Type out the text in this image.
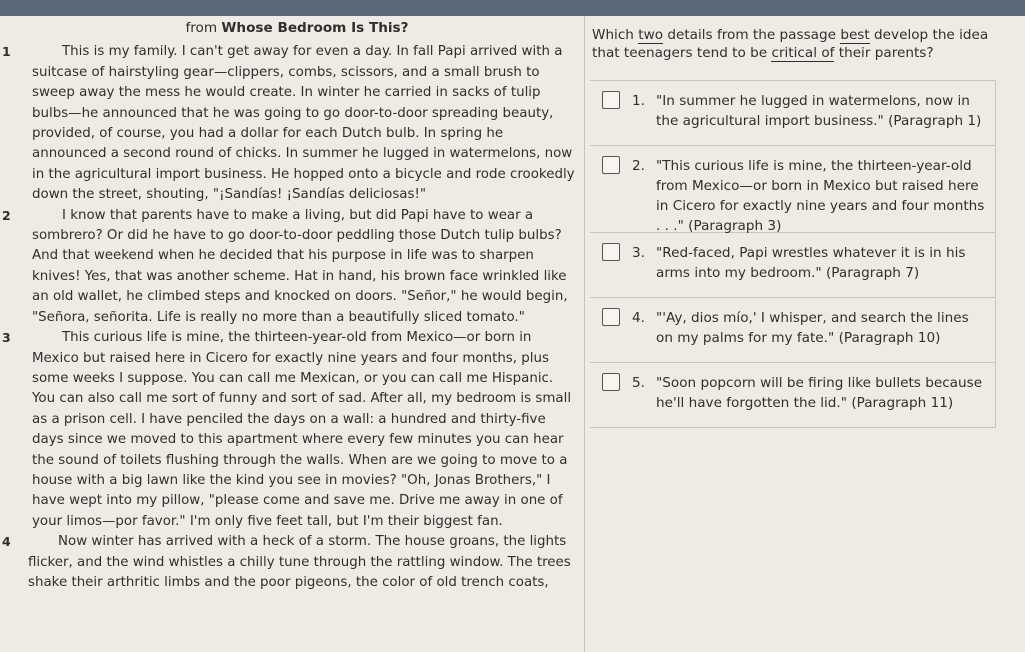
from Whose Bedroom Is This?

1	This is my family. I can't get away for even a day. In fall Papi arrived with a suitcase of hairstyling gear—clippers, combs, scissors, and a small brush to sweep away the mess he would create. In winter he carried in sacks of tulip bulbs—he announced that he was going to go door-to-door spreading beauty, provided, of course, you had a dollar for each Dutch bulb. In spring he announced a second round of chicks. In summer he lugged in watermelons, now in the agricultural import business. He hopped onto a bicycle and rode crookedly down the street, shouting, "¡Sandías! ¡Sandías deliciosas!"

2	I know that parents have to make a living, but did Papi have to wear a sombrero? Or did he have to go door-to-door peddling those Dutch tulip bulbs? And that weekend when he decided that his purpose in life was to sharpen knives! Yes, that was another scheme. Hat in hand, his brown face wrinkled like an old wallet, he climbed steps and knocked on doors. "Señor," he would begin, "Señora, señorita. Life is really no more than a beautifully sliced tomato."

3	This curious life is mine, the thirteen-year-old from Mexico—or born in Mexico but raised here in Cicero for exactly nine years and four months, plus some weeks I suppose. You can call me Mexican, or you can call me Hispanic. You can also call me sort of funny and sort of sad. After all, my bedroom is small as a prison cell. I have penciled the days on a wall: a hundred and thirty-five days since we moved to this apartment where every few minutes you can hear the sound of toilets flushing through the walls. When are we going to move to a house with a big lawn like the kind you see in movies? "Oh, Jonas Brothers," I have wept into my pillow, "please come and save me. Drive me away in one of your limos—por favor." I'm only five feet tall, but I'm their biggest fan.

4	Now winter has arrived with a heck of a storm. The house groans, the lights flicker, and the wind whistles a chilly tune through the rattling window. The trees shake their arthritic limbs and the poor pigeons, the color of old trench coats,

Which two details from the passage best develop the idea that teenagers tend to be critical of their parents?

1. "In summer he lugged in watermelons, now in the agricultural import business." (Paragraph 1)
2. "This curious life is mine, the thirteen-year-old from Mexico—or born in Mexico but raised here in Cicero for exactly nine years and four months . . ." (Paragraph 3)
3. "Red-faced, Papi wrestles whatever it is in his arms into my bedroom." (Paragraph 7)
4. "'Ay, dios mío,' I whisper, and search the lines on my palms for my fate." (Paragraph 10)
5. "Soon popcorn will be firing like bullets because he'll have forgotten the lid." (Paragraph 11)
